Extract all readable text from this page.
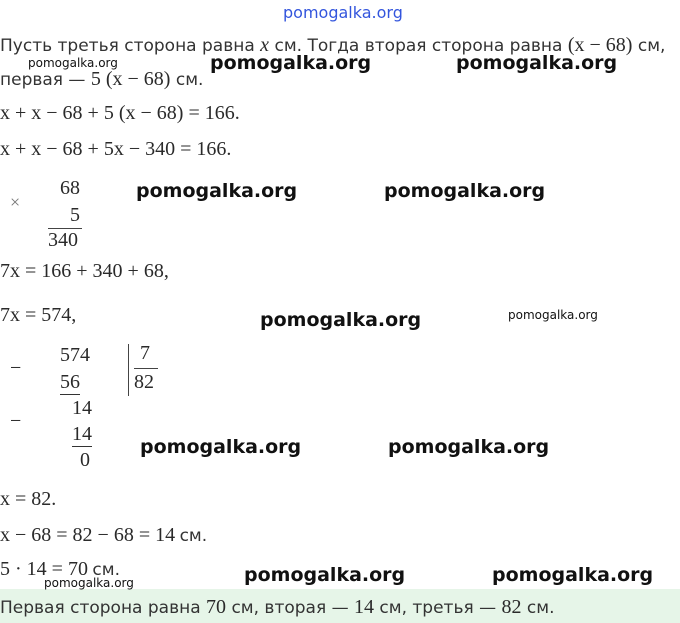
pomogalka.org
Пусть третья сторона равна x см. Тогда вторая сторона равна (x − 68) см,
первая — 5 (x − 68) см.
pomogalka.org	pomogalka.org	pomogalka.org
x + x − 68 + 5 (x − 68) = 166.
x + x − 68 + 5x − 340 = 166.
×
68
5
340
pomogalka.org	pomogalka.org
7x = 166 + 340 + 68,
7x = 574,	pomogalka.org	pomogalka.org
−
574
56
7
82
−
14
14
0
pomogalka.org	pomogalka.org
x = 82.
x − 68 = 82 − 68 = 14 см.
5 · 14 = 70 см.
Первая сторона равна 70 см, вторая — 14 см, третья — 82 см.
pomogalka.org	pomogalka.org	pomogalka.org
